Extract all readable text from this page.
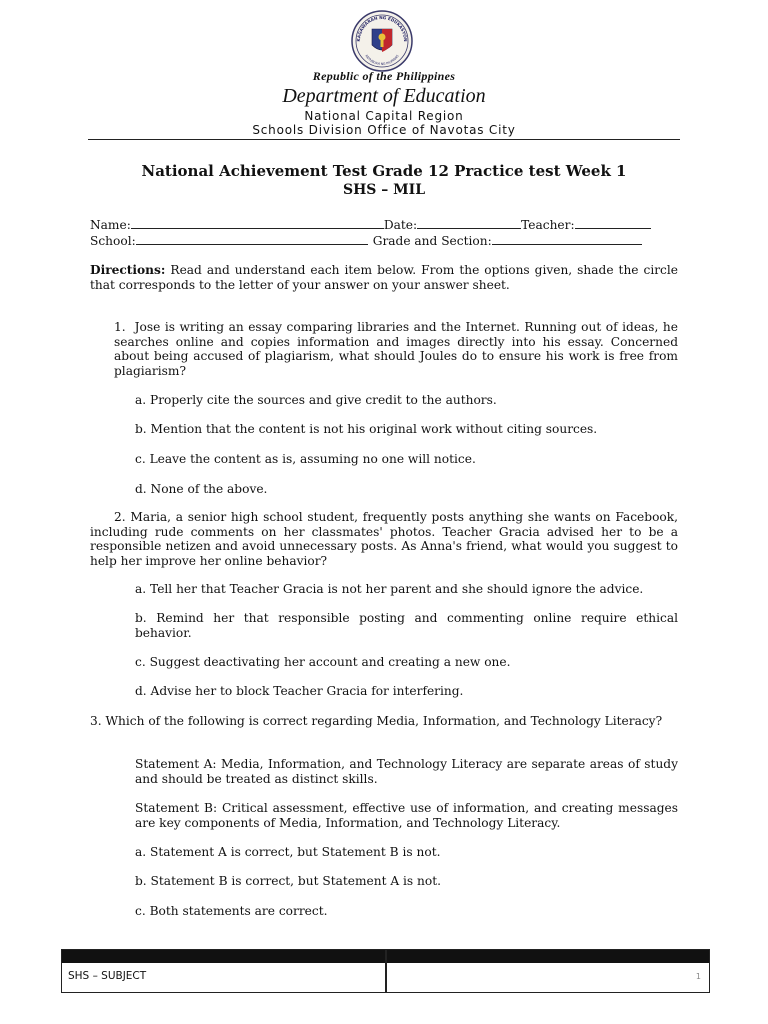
KAGAWARAN NG EDUKASYON
REPUBLIKA NG PILIPINAS
Republic of the Philippines
Department of Education
National Capital Region
Schools Division Office of Navotas City
National Achievement Test Grade 12 Practice test Week 1
SHS – MIL
Name:	Date:	Teacher:
School:	Grade and Section:
Directions: Read and understand each item below. From the options given, shade the circle that corresponds to the letter of your answer on your answer sheet.
1.  Jose is writing an essay comparing libraries and the Internet. Running out of ideas, he searches online and copies information and images directly into his essay. Concerned about being accused of plagiarism, what should Joules do to ensure his work is free from plagiarism?
a. Properly cite the sources and give credit to the authors.
b. Mention that the content is not his original work without citing sources.
c. Leave the content as is, assuming no one will notice.
d. None of the above.
2. Maria, a senior high school student, frequently posts anything she wants on Facebook, including rude comments on her classmates' photos. Teacher Gracia advised her to be a responsible netizen and avoid unnecessary posts. As Anna's friend, what would you suggest to help her improve her online behavior?
a. Tell her that Teacher Gracia is not her parent and she should ignore the advice.
b. Remind her that responsible posting and commenting online require ethical behavior.
c. Suggest deactivating her account and creating a new one.
d. Advise her to block Teacher Gracia for interfering.
3. Which of the following is correct regarding Media, Information, and Technology Literacy?
Statement A: Media, Information, and Technology Literacy are separate areas of study and should be treated as distinct skills.
Statement B: Critical assessment, effective use of information, and creating messages are key components of Media, Information, and Technology Literacy.
a. Statement A is correct, but Statement B is not.
b. Statement B is correct, but Statement A is not.
c. Both statements are correct.
SHS – SUBJECT	1
